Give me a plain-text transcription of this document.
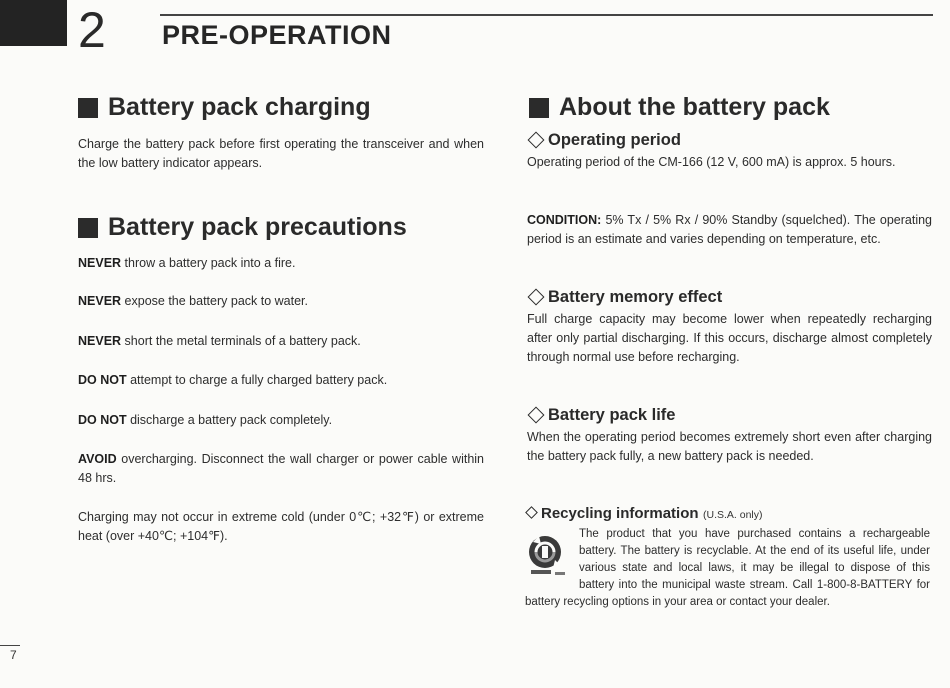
2 PRE-OPERATION
Battery pack charging
Charge the battery pack before first operating the transceiver and when the low battery indicator appears.
Battery pack precautions
NEVER throw a battery pack into a fire.
NEVER expose the battery pack to water.
NEVER short the metal terminals of a battery pack.
DO NOT attempt to charge a fully charged battery pack.
DO NOT discharge a battery pack completely.
AVOID overcharging. Disconnect the wall charger or power cable within 48 hrs.
Charging may not occur in extreme cold (under 0℃; +32℉) or extreme heat (over +40℃; +104℉).
About the battery pack
Operating period
Operating period of the CM-166 (12 V, 600 mA) is approx. 5 hours.
CONDITION: 5% Tx / 5% Rx / 90% Standby (squelched). The operating period is an estimate and varies depending on temperature, etc.
Battery memory effect
Full charge capacity may become lower when repeatedly recharging after only partial discharging. If this occurs, discharge almost completely through normal use before recharging.
Battery pack life
When the operating period becomes extremely short even after charging the battery pack fully, a new battery pack is needed.
Recycling information (U.S.A. only)
The product that you have purchased contains a rechargeable battery. The battery is recyclable. At the end of its useful life, under various state and local laws, it may be illegal to dispose of this battery into the municipal waste stream. Call 1-800-8-BATTERY for battery recycling options in your area or contact your dealer.
7
